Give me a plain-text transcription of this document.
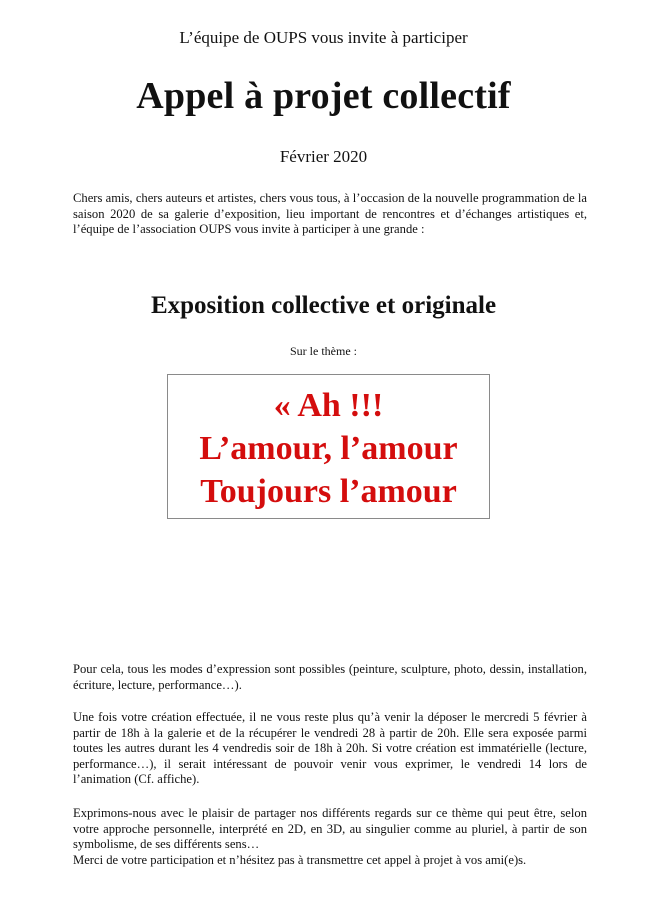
L’équipe de OUPS vous invite à participer
Appel à projet collectif
Février 2020

Chers amis, chers auteurs et artistes, chers vous tous, à l’occasion de la nouvelle programmation de la saison 2020 de sa galerie d’exposition, lieu important de rencontres et d’échanges artistiques et, l’équipe de l’association OUPS vous invite à participer à une grande :

Exposition collective et originale
Sur le thème :
« Ah !!!
L’amour, l’amour
Toujours l’amour

Pour cela, tous les modes d’expression sont possibles (peinture, sculpture, photo, dessin, installation, écriture, lecture, performance…).

Une fois votre création effectuée, il ne vous reste plus qu’à venir la déposer le mercredi 5 février à partir de 18h à la galerie et de la récupérer le vendredi 28 à partir de 20h. Elle sera exposée parmi toutes les autres durant les 4 vendredis soir de 18h à 20h. Si votre création est immatérielle (lecture, performance…), il serait intéressant de pouvoir venir vous exprimer, le vendredi 14 lors de l’animation (Cf. affiche).

Exprimons-nous avec le plaisir de partager nos différents regards sur ce thème qui peut être, selon votre approche personnelle, interprété en 2D, en 3D, au singulier comme au pluriel, à partir de son symbolisme, de ses différents sens…
Merci de votre participation et n’hésitez pas à transmettre cet appel à projet à vos ami(e)s.
